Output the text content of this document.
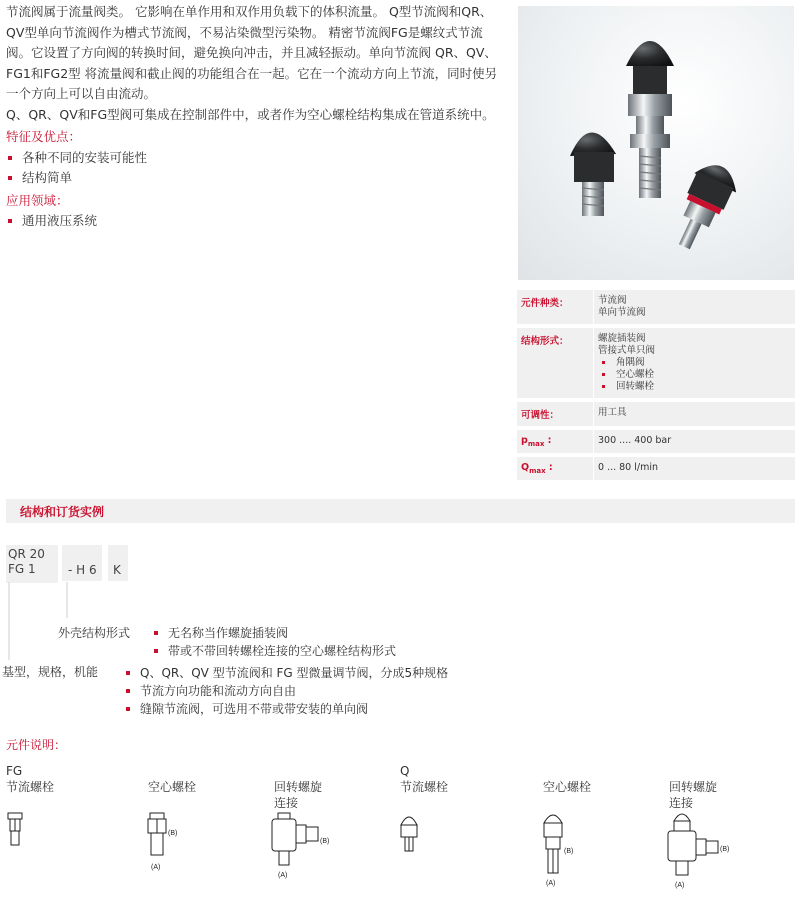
节流阀属于流量阀类。 它影响在单作用和双作用负载下的体积流量。 Q型节流阀和QR、QV型单向节流阀作为槽式节流阀，不易沾染微型污染物。 精密节流阀FG是螺纹式节流阀。它设置了方向阀的转换时间，避免换向冲击，并且减轻振动。单向节流阀 QR、QV、FG1和FG2型 将流量阀和截止阀的功能组合在一起。它在一个流动方向上节流，同时使另一个方向上可以自由流动。

Q、QR、QV和FG型阀可集成在控制部件中，或者作为空心螺栓结构集成在管道系统中。

特征及优点：
各种不同的安装可能性
结构简单
应用领域：
通用液压系统
元件种类：	节流阀
单向节流阀
结构形式：	螺旋插装阀
管接式单只阀
角隅阀
空心螺栓
回转螺栓
可调性：	用工具
$p_{max}$ :	300 .... 400 bar
$Q_{max}$ :	0 ... 80 l/min
结构和订货实例
QR 20
FG 1	- H 6 K
外壳结构形式	无名称当作螺旋插装阀
带或不带回转螺栓连接的空心螺栓结构形式
基型，规格，机能	Q、QR、QV 型节流阀和 FG 型微量调节阀，分成5种规格
节流方向功能和流动方向自由
缝隙节流阀，可选用不带或带安装的单向阀
元件说明：
FG	Q
节流螺栓	空心螺栓	回转螺旋
连接
节流螺栓	空心螺栓	回转螺旋
连接
(B)
(A)
(B)
(A)
(B)
(A)
(B)
(A)
